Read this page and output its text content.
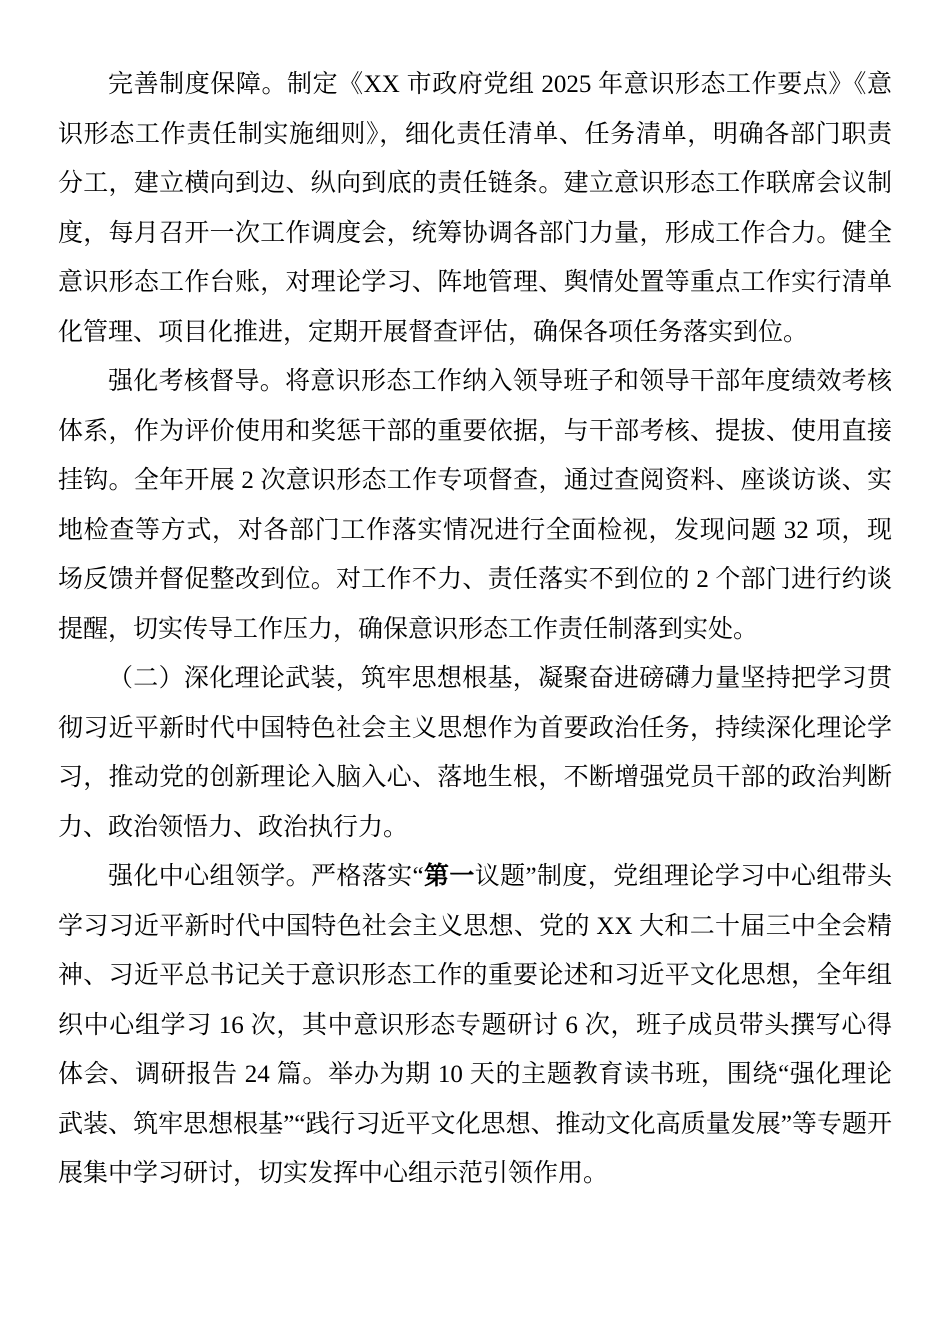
完善制度保障。制定《XX 市政府党组 2025 年意识形态工作要点》《意识形态工作责任制实施细则》，细化责任清单、任务清单，明确各部门职责分工，建立横向到边、纵向到底的责任链条。建立意识形态工作联席会议制度，每月召开一次工作调度会，统筹协调各部门力量，形成工作合力。健全意识形态工作台账，对理论学习、阵地管理、舆情处置等重点工作实行清单化管理、项目化推进，定期开展督查评估，确保各项任务落实到位。

强化考核督导。将意识形态工作纳入领导班子和领导干部年度绩效考核体系，作为评价使用和奖惩干部的重要依据，与干部考核、提拔、使用直接挂钩。全年开展 2 次意识形态工作专项督查，通过查阅资料、座谈访谈、实地检查等方式，对各部门工作落实情况进行全面检视，发现问题 32 项，现场反馈并督促整改到位。对工作不力、责任落实不到位的 2 个部门进行约谈提醒，切实传导工作压力，确保意识形态工作责任制落到实处。

（二）深化理论武装，筑牢思想根基，凝聚奋进磅礴力量坚持把学习贯彻习近平新时代中国特色社会主义思想作为首要政治任务，持续深化理论学习，推动党的创新理论入脑入心、落地生根，不断增强党员干部的政治判断力、政治领悟力、政治执行力。

强化中心组领学。严格落实“第一议题”制度，党组理论学习中心组带头学习习近平新时代中国特色社会主义思想、党的 XX 大和二十届三中全会精神、习近平总书记关于意识形态工作的重要论述和习近平文化思想，全年组织中心组学习 16 次，其中意识形态专题研讨 6 次，班子成员带头撰写心得体会、调研报告 24 篇。举办为期 10 天的主题教育读书班，围绕“强化理论武装、筑牢思想根基”“践行习近平文化思想、推动文化高质量发展”等专题开展集中学习研讨，切实发挥中心组示范引领作用。
